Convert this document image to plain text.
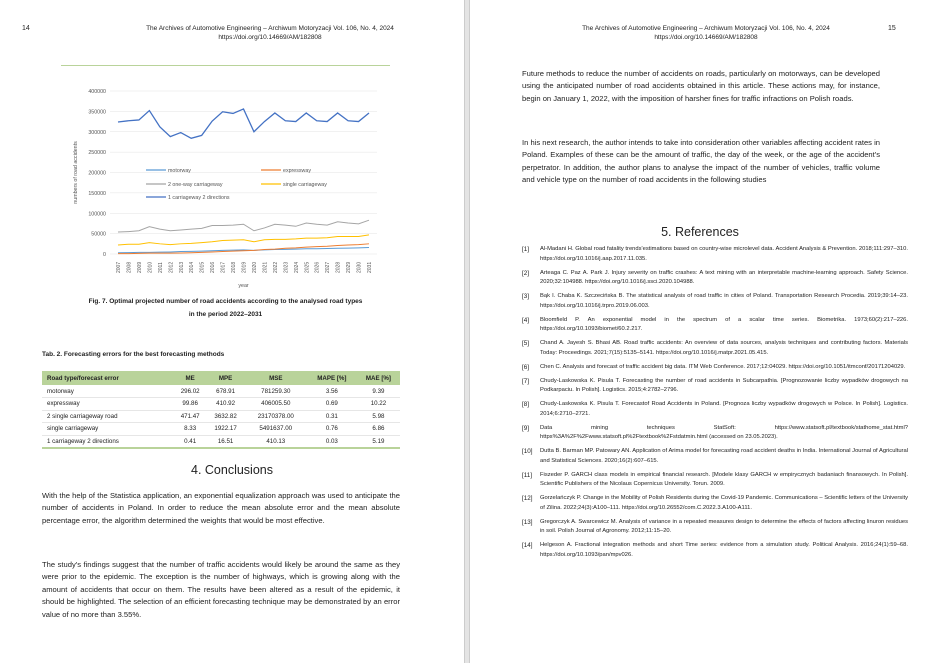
14	The Archives of Automotive Engineering – Archiwum Motoryzacji Vol. 106, No. 4, 2024
https://doi.org/10.14669/AM/182808
0
50000
100000
150000
200000
250000
300000
350000
400000
2007 2008 2009 2010 2011 2012 2013 2014 2015 2016 2017 2018 2019 2020 2021 2022 2023 2024 2025 2026 2027 2028 2029 2030 2031
year
numbers of road accidents	motorway	expressway
2 one-way carriageway	single carriageway
1 carriageway 2 directions
Fig. 7. Optimal projected number of road accidents according to the analysed road types
in the period 2022–2031
Tab. 2. Forecasting errors for the best forecasting methods
Road type/forecast error	ME	MPE	MSE	MAPE [%]	MAE [%]
motorway	296.02	678.91	781259.30	3.56	9.39
expressway	99.86	410.92	406005.50	0.69	10.22
2 single carriageway road	471.47	3632.82	23170378.00	0.31	5.98
single carriageway	8.33	1922.17	5491637.00	0.76	6.86
1 carriageway 2 directions	0.41	16.51	410.13	0.03	5.19
4. Conclusions

With the help of the Statistica application, an exponential equalization approach was used to anticipate the number of accidents in Poland. In order to reduce the mean absolute error and the mean absolute percentage error, the algorithm determined the weights that would be most effective.

The study's findings suggest that the number of traffic accidents would likely be around the same as they were prior to the epidemic. The exception is the number of highways, which is growing along with the amount of accidents that occur on them. The results have been altered as a result of the epidemic, it should be highlighted. The selection of an efficient forecasting technique may be demonstrated by an error value of no more than 3.55%.

15
The Archives of Automotive Engineering – Archiwum Motoryzacji Vol. 106, No. 4, 2024
https://doi.org/10.14669/AM/182808

Future methods to reduce the number of accidents on roads, particularly on motorways, can be developed using the anticipated number of road accidents obtained in this article. These actions may, for instance, begin on January 1, 2022, with the imposition of harsher fines for traffic infractions on Polish roads.

In his next research, the author intends to take into consideration other variables affecting accident rates in Poland. Examples of these can be the amount of traffic, the day of the week, or the age of the accident's perpetrator. In addition, the author plans to analyse the impact of the number of vehicles, traffic volume and vehicle type on the number of road accidents in the following studies

5. References
[1]	Al-Madani H. Global road fatality trends'estimations based on country-wise microlevel data. Accident Analysis & Prevention. 2018;111:297–310. https://doi.org/10.1016/j.aap.2017.11.035.
[2]	Arteaga C. Paz A. Park J. Injury severity on traffic crashes: A text mining with an interpretable machine-learning approach. Safety Science. 2020;32:104988. https://doi.org/10.1016/j.ssci.2020.104988.
[3]	Bąk I. Chaba K. Szczecińska B. The statistical analysis of road traffic in cities of Poland. Transportation Research Procedia. 2019;39:14–23. https://doi.org/10.1016/j.trpro.2019.06.003.
[4]	Bloomfield P. An exponential model in the spectrum of a scalar time series. Biometrika. 1973;60(2):217–226. https://doi.org/10.1093/biomet/60.2.217.
[5]	Chand A. Jayesh S. Bhasi AB. Road traffic accidents: An overview of data sources, analysis techniques and contributing factors. Materials Today: Proceedings. 2021;7(15):5135–5141. https://doi.org/10.1016/j.matpr.2021.05.415.
[6]	Chen C. Analysis and forecast of traffic accident big data. ITM Web Conference. 2017;12:04029. https://doi.org/10.1051/itmconf/20171204029.
[7]	Chudy-Laskowska K. Pisula T. Forecasting the number of road accidents in Subcarpathia. [Prognozowanie liczby wypadków drogowych na Podkarpaciu. In Polish]. Logistics. 2015;4:2782–2796.
[8]	Chudy-Laskowska K. Pisula T. Forecastof Road Accidents in Poland. [Prognoza liczby wypadków drogowych w Polsce. In Polish]. Logistics. 2014;6:2710–2721.
[9]	Data mining techniques StatSoft: https://www.statsoft.pl/textbook/stathome_stat.html?https%3A%2F%2Fwww.statsoft.pl%2Ftextbook%2Fstdatmin.html (accessed on 23.05.2023).
[10]	Dutta B. Barman MP. Patowary AN. Application of Arima model for forecasting road accident deaths in India. International Journal of Agricultural and Statistical Sciences. 2020;16(2):607–615.
[11]	Fiszeder P. GARCH class models in empirical financial research. [Modele klasy GARCH w empirycznych badaniach finansowych. In Polish]. Scientific Publishers of the Nicolaus Copernicus University. Torun. 2009.
[12]	Gorzelańczyk P. Change in the Mobility of Polish Residents during the Covid-19 Pandemic. Communications – Scientific letters of the University of Zilina. 2022;24(3):A100–111. https://doi.org/10.26552/com.C.2022.3.A100-A111.
[13]	Gregorczyk A. Swarcewicz M. Analysis of variance in a repeated measures design to determine the effects of factors affecting linuron residues in soil. Polish Journal of Agronomy. 2012;11:15–20.
[14]	Helgeson A. Fractional integration methods and short Time series: evidence from a simulation study. Political Analysis. 2016;24(1):59–68. https://doi.org/10.1093/pan/mpv026.
